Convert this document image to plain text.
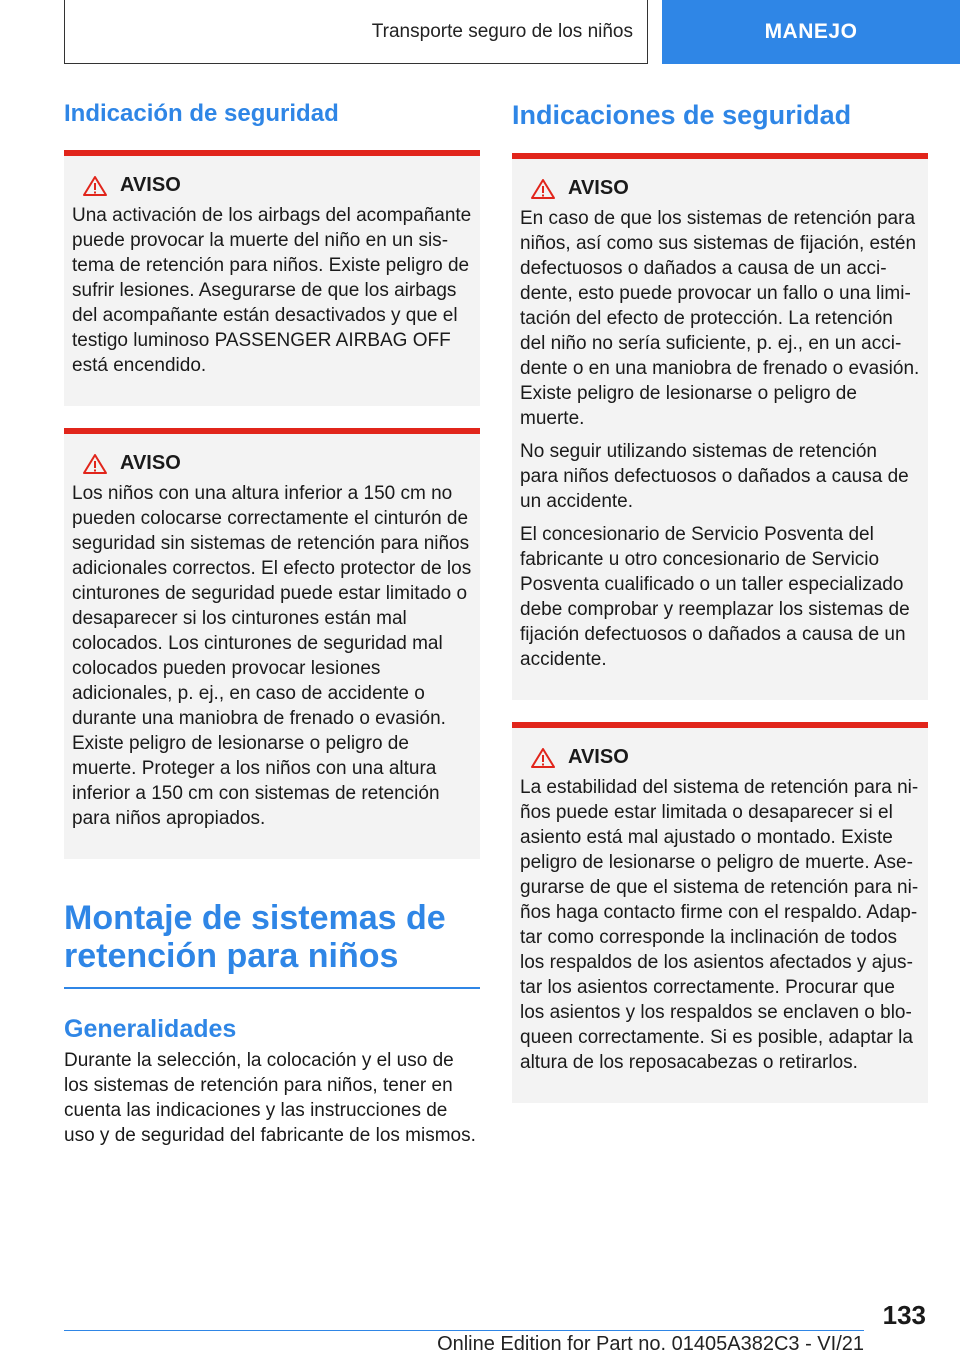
Transporte seguro de los niños	MANEJO
Indicación de seguridad
AVISO

Una activación de los airbags del acompañante puede provocar la muerte del niño en un sistema de retención para niños. Existe peligro de sufrir lesiones. Asegurarse de que los airbags del acompañante están desactivados y que el testigo luminoso PASSENGER AIRBAG OFF está encendido.

AVISO

Los niños con una altura inferior a 150 cm no pueden colocarse correctamente el cinturón de seguridad sin sistemas de retención para niños adicionales correctos. El efecto protector de los cinturones de seguridad puede estar limitado o desaparecer si los cinturones están mal colocados. Los cinturones de seguridad mal colocados pueden provocar lesiones adicionales, p. ej., en caso de accidente o durante una maniobra de frenado o evasión. Existe peligro de lesionarse o peligro de muerte. Proteger a los niños con una altura inferior a 150 cm con sistemas de retención para niños apropiados.

Montaje de sistemas de retención para niños
Generalidades

Durante la selección, la colocación y el uso de los sistemas de retención para niños, tener en cuenta las indicaciones y las instrucciones de uso y de seguridad del fabricante de los mismos.

Indicaciones de seguridad
AVISO

En caso de que los sistemas de retención para niños, así como sus sistemas de fijación, estén defectuosos o dañados a causa de un accidente, esto puede provocar un fallo o una limitación del efecto de protección. La retención del niño no sería suficiente, p. ej., en un accidente o en una maniobra de frenado o evasión. Existe peligro de lesionarse o peligro de muerte.

No seguir utilizando sistemas de retención para niños defectuosos o dañados a causa de un accidente.

El concesionario de Servicio Posventa del fabricante u otro concesionario de Servicio Posventa cualificado o un taller especializado debe comprobar y reemplazar los sistemas de fijación defectuosos o dañados a causa de un accidente.

AVISO

La estabilidad del sistema de retención para niños puede estar limitada o desaparecer si el asiento está mal ajustado o montado. Existe peligro de lesionarse o peligro de muerte. Asegurarse de que el sistema de retención para niños haga contacto firme con el respaldo. Adaptar como corresponde la inclinación de todos los respaldos de los asientos afectados y ajustar los asientos correctamente. Procurar que los asientos y los respaldos se enclaven o bloqueen correctamente. Si es posible, adaptar la altura de los reposacabezas o retirarlos.

133
Online Edition for Part no. 01405A382C3 - VI/21
